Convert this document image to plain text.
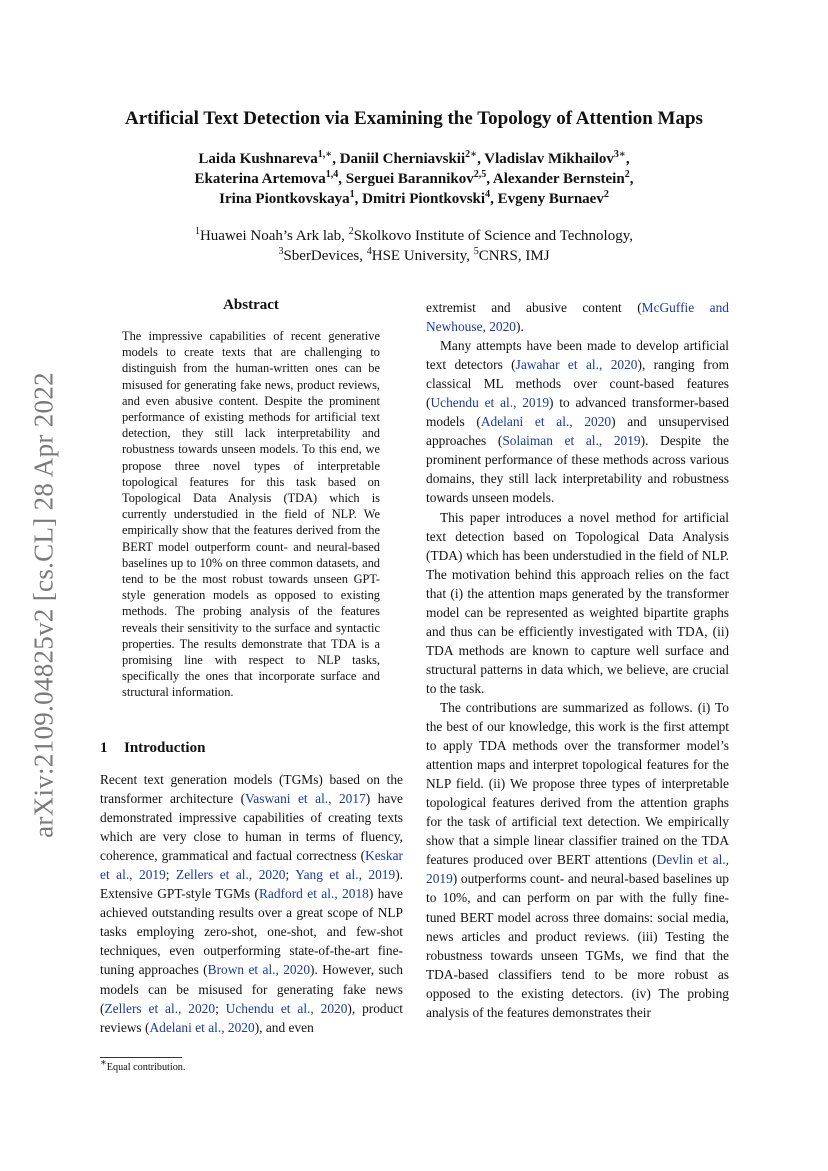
arXiv:2109.04825v2 [cs.CL] 28 Apr 2022
Artificial Text Detection via Examining the Topology of Attention Maps
Laida Kushnareva$^{1,∗}$, Daniil Cherniavskii$^{2∗}$, Vladislav Mikhailov$^{3∗}$,
Ekaterina Artemova$^{1,4}$, Serguei Barannikov$^{2,5}$, Alexander Bernstein$^2$,
Irina Piontkovskaya$^1$, Dmitri Piontkovski$^4$, Evgeny Burnaev$^2$
$^1$Huawei Noah’s Ark lab, $^2$Skolkovo Institute of Science and Technology,
$^3$SberDevices, $^4$HSE University, $^5$CNRS, IMJ
Abstract
The impressive capabilities of recent generative models to create texts that are challenging to distinguish from the human-written ones can be misused for generating fake news, product reviews, and even abusive content. Despite the prominent performance of existing methods for artificial text detection, they still lack interpretability and robustness towards unseen models. To this end, we propose three novel types of interpretable topological features for this task based on Topological Data Analysis (TDA) which is currently understudied in the field of NLP. We empirically show that the features derived from the BERT model outperform count- and neural-based baselines up to 10% on three common datasets, and tend to be the most robust towards unseen GPT-style generation models as opposed to existing methods. The probing analysis of the features reveals their sensitivity to the surface and syntactic properties. The results demonstrate that TDA is a promising line with respect to NLP tasks, specifically the ones that incorporate surface and structural information.
1 Introduction

Recent text generation models (TGMs) based on the transformer architecture (Vaswani et al., 2017) have demonstrated impressive capabilities of creating texts which are very close to human in terms of fluency, coherence, grammatical and factual correctness (Keskar et al., 2019; Zellers et al., 2020; Yang et al., 2019). Extensive GPT-style TGMs (Radford et al., 2018) have achieved outstanding results over a great scope of NLP tasks employing zero-shot, one-shot, and few-shot techniques, even outperforming state-of-the-art fine-tuning approaches (Brown et al., 2020). However, such models can be misused for generating fake news (Zellers et al., 2020; Uchendu et al., 2020), product reviews (Adelani et al., 2020), and even

extremist and abusive content (McGuffie and Newhouse, 2020).

Many attempts have been made to develop artificial text detectors (Jawahar et al., 2020), ranging from classical ML methods over count-based features (Uchendu et al., 2019) to advanced transformer-based models (Adelani et al., 2020) and unsupervised approaches (Solaiman et al., 2019). Despite the prominent performance of these methods across various domains, they still lack interpretability and robustness towards unseen models.

This paper introduces a novel method for artificial text detection based on Topological Data Analysis (TDA) which has been understudied in the field of NLP. The motivation behind this approach relies on the fact that (i) the attention maps generated by the transformer model can be represented as weighted bipartite graphs and thus can be efficiently investigated with TDA, (ii) TDA methods are known to capture well surface and structural patterns in data which, we believe, are crucial to the task.

The contributions are summarized as follows. (i) To the best of our knowledge, this work is the first attempt to apply TDA methods over the transformer model’s attention maps and interpret topological features for the NLP field. (ii) We propose three types of interpretable topological features derived from the attention graphs for the task of artificial text detection. We empirically show that a simple linear classifier trained on the TDA features produced over BERT attentions (Devlin et al., 2019) outperforms count- and neural-based baselines up to 10%, and can perform on par with the fully fine-tuned BERT model across three domains: social media, news articles and product reviews. (iii) Testing the robustness towards unseen TGMs, we find that the TDA-based classifiers tend to be more robust as opposed to the existing detectors. (iv) The probing analysis of the features demonstrates their

∗Equal contribution.
